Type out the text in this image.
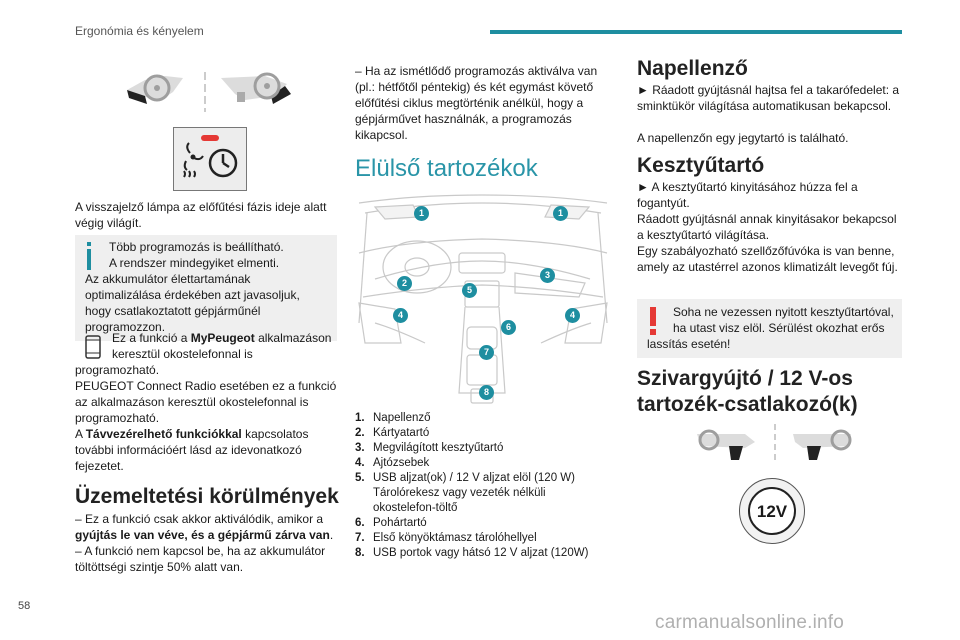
Ergonómia és kényelem
A visszajelző lámpa az előfűtési fázis ideje alatt végig világít.
Több programozás is beállítható.
A rendszer mindegyiket elmenti.
Az akkumulátor élettartamának optimalizálása érdekében azt javasoljuk, hogy csatlakoztatott gépjárműnél programozzon.
Ez a funkció a MyPeugeot alkalmazáson keresztül okostelefonnal is
programozható.
PEUGEOT Connect Radio esetében ez a funkció az alkalmazáson keresztül okostelefonnal is programozható.
A Távvezérelhető funkciókkal kapcsolatos további információért lásd az idevonatkozó fejezetet.
Üzemeltetési körülmények
– Ez a funkció csak akkor aktiválódik, amikor a gyújtás le van véve, és a gépjármű zárva van.
– A funkció nem kapcsol be, ha az akkumulátor töltöttségi szintje 50% alatt van.
– Ha az ismétlődő programozás aktiválva van (pl.: hétfőtől péntekig) és két egymást követő előfűtési ciklus megtörténik anélkül, hogy a gépjárművet használnák, a programozás kikapcsol.
Elülső tartozékok
1	1
2
3
4	4
5
6
7
8
1. Napellenző
2. Kártyatartó
3. Megvilágított kesztyűtartó
4. Ajtózsebek
5. USB aljzat(ok) / 12 V aljzat elöl (120 W)
Tárolórekesz vagy vezeték nélküli
okostelefon-töltő
6. Pohártartó
7. Első könyöktámasz tárolóhellyel
8. USB portok vagy hátsó 12 V aljzat (120W)
Napellenző
► Ráadott gyújtásnál hajtsa fel a takarófedelet: a sminktükör világítása automatikusan bekapcsol.
A napellenzőn egy jegytartó is található.
Kesztyűtartó
► A kesztyűtartó kinyitásához húzza fel a fogantyút.
Ráadott gyújtásnál annak kinyitásakor bekapcsol a kesztyűtartó világítása.
Egy szabályozható szellőzőfúvóka is van benne, amely az utastérrel azonos klimatizált levegőt fúj.
Soha ne vezessen nyitott kesztyűtartóval,
ha utast visz elöl. Sérülést okozhat erős
lassítás esetén!
Szivargyújtó / 12 V-os tartozék-csatlakozó(k)
12V
58
carmanualsonline.info
